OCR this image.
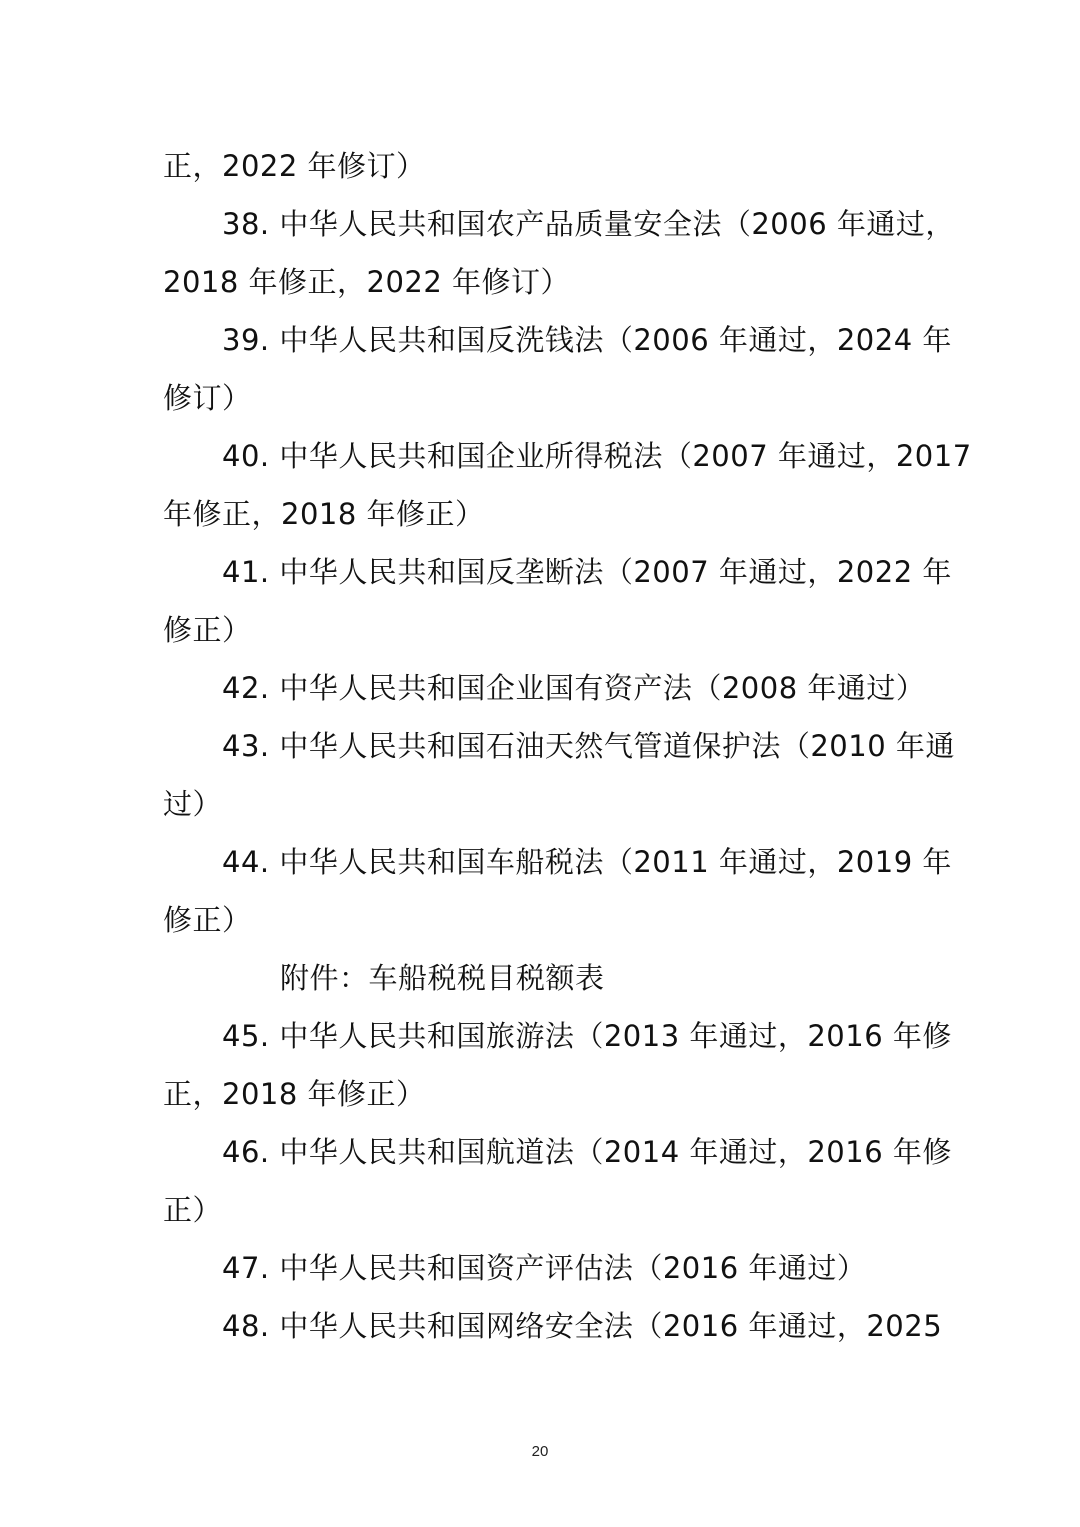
正，2022 年修订）
38. 中华人民共和国农产品质量安全法（2006 年通过，
2018 年修正，2022 年修订）
39. 中华人民共和国反洗钱法（2006 年通过，2024 年
修订）
40. 中华人民共和国企业所得税法（2007 年通过，2017
年修正，2018 年修正）
41. 中华人民共和国反垄断法（2007 年通过，2022 年
修正）
42. 中华人民共和国企业国有资产法（2008 年通过）
43. 中华人民共和国石油天然气管道保护法（2010 年通
过）
44. 中华人民共和国车船税法（2011 年通过，2019 年
修正）
附件：车船税税目税额表
45. 中华人民共和国旅游法（2013 年通过，2016 年修
正，2018 年修正）
46. 中华人民共和国航道法（2014 年通过，2016 年修
正）
47. 中华人民共和国资产评估法（2016 年通过）
48. 中华人民共和国网络安全法（2016 年通过，2025
20
